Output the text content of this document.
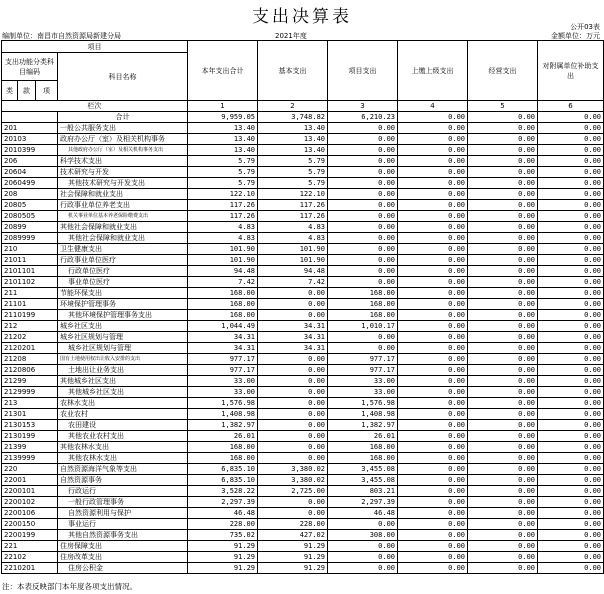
支出决算表	公开03表
编制单位：南昌市自然资源局新建分局	2021年度	金额单位：万元
项目				本年支出合计	基本支出	项目支出	上缴上级支出	经营支出	对附属单位补助支出
支出功能分类科目编码			科目名称						
类	款	项							
栏次				1	2	3	4	5	6
			合计	9,959.05	3,748.82	6,210.23	0.00	0.00	0.00
201			一般公共服务支出	13.40	13.40	0.00	0.00	0.00	0.00
20103			政府办公厅（室）及相关机构事务	13.40	13.40	0.00	0.00	0.00	0.00
2010399			其他政府办公厅（室）及相关机构事务支出	13.40	13.40	0.00	0.00	0.00	0.00
206			科学技术支出	5.79	5.79	0.00	0.00	0.00	0.00
20604			技术研究与开发	5.79	5.79	0.00	0.00	0.00	0.00
2060499			其他技术研究与开发支出	5.79	5.79	0.00	0.00	0.00	0.00
208			社会保障和就业支出	122.10	122.10	0.00	0.00	0.00	0.00
20805			行政事业单位养老支出	117.26	117.26	0.00	0.00	0.00	0.00
2080505			机关事业单位基本养老保险缴费支出	117.26	117.26	0.00	0.00	0.00	0.00
20899			其他社会保障和就业支出	4.83	4.83	0.00	0.00	0.00	0.00
2089999			其他社会保障和就业支出	4.83	4.83	0.00	0.00	0.00	0.00
210			卫生健康支出	101.90	101.90	0.00	0.00	0.00	0.00
21011			行政事业单位医疗	101.90	101.90	0.00	0.00	0.00	0.00
2101101			行政单位医疗	94.48	94.48	0.00	0.00	0.00	0.00
2101102			事业单位医疗	7.42	7.42	0.00	0.00	0.00	0.00
211			节能环保支出	168.00	0.00	168.00	0.00	0.00	0.00
21101			环境保护管理事务	168.00	0.00	168.00	0.00	0.00	0.00
2110199			其他环境保护管理事务支出	168.00	0.00	168.00	0.00	0.00	0.00
212			城乡社区支出	1,044.49	34.31	1,010.17	0.00	0.00	0.00
21202			城乡社区规划与管理	34.31	34.31	0.00	0.00	0.00	0.00
2120201			城乡社区规划与管理	34.31	34.31	0.00	0.00	0.00	0.00
21208			国有土地使用权出让收入安排的支出	977.17	0.00	977.17	0.00	0.00	0.00
2120806			土地出让业务支出	977.17	0.00	977.17	0.00	0.00	0.00
21299			其他城乡社区支出	33.00	0.00	33.00	0.00	0.00	0.00
2129999			其他城乡社区支出	33.00	0.00	33.00	0.00	0.00	0.00
213			农林水支出	1,576.98	0.00	1,576.98	0.00	0.00	0.00
21301			农业农村	1,408.98	0.00	1,408.98	0.00	0.00	0.00
2130153			农田建设	1,382.97	0.00	1,382.97	0.00	0.00	0.00
2130199			其他农业农村支出	26.01	0.00	26.01	0.00	0.00	0.00
21399			其他农林水支出	168.00	0.00	168.00	0.00	0.00	0.00
2139999			其他农林水支出	168.00	0.00	168.00	0.00	0.00	0.00
220			自然资源海洋气象等支出	6,835.10	3,380.02	3,455.08	0.00	0.00	0.00
22001			自然资源事务	6,835.10	3,380.02	3,455.08	0.00	0.00	0.00
2200101			行政运行	3,528.22	2,725.00	803.21	0.00	0.00	0.00
2200102			一般行政管理事务	2,297.39	0.00	2,297.39	0.00	0.00	0.00
2200106			自然资源利用与保护	46.48	0.00	46.48	0.00	0.00	0.00
2200150			事业运行	228.00	228.00	0.00	0.00	0.00	0.00
2200199			其他自然资源事务支出	735.02	427.02	308.00	0.00	0.00	0.00
221			住房保障支出	91.29	91.29	0.00	0.00	0.00	0.00
22102			住房改革支出	91.29	91.29	0.00	0.00	0.00	0.00
2210201			住房公积金	91.29	91.29	0.00	0.00	0.00	0.00
注：本表反映部门本年度各项支出情况。
